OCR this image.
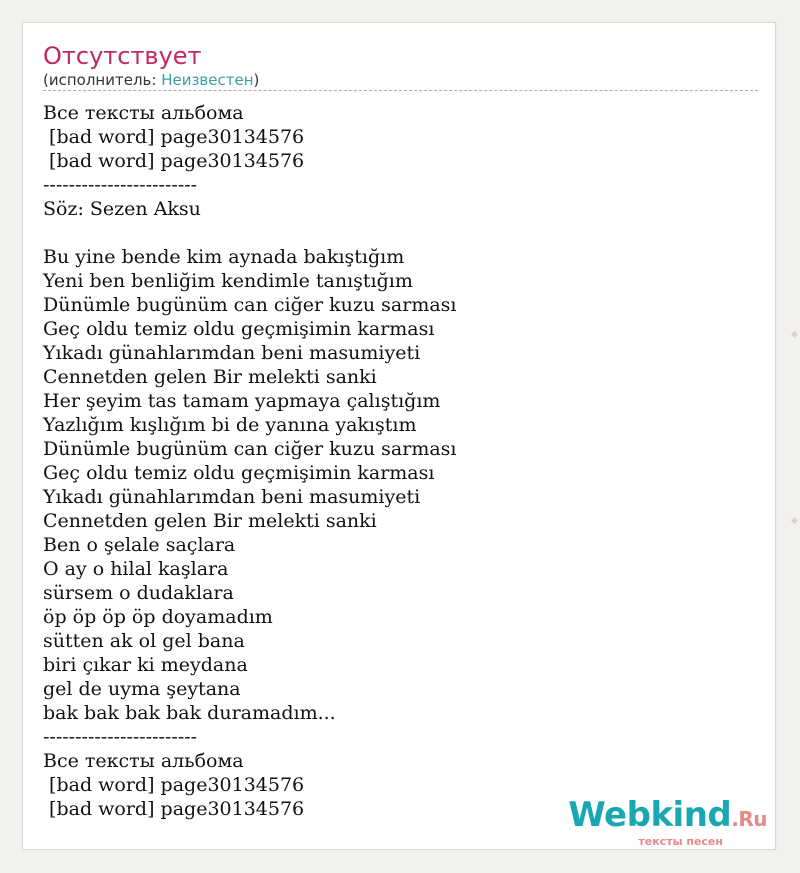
Отсутствует
(исполнитель: Неизвестен)
Все тексты альбома
[bad word] page30134576
[bad word] page30134576
------------------------
Söz: Sezen Aksu
Bu yine bende kim aynada bakıştığım
Yeni ben benliğim kendimle tanıştığım
Dünümle bugünüm can ciğer kuzu sarması
Geç oldu temiz oldu geçmişimin karması
Yıkadı günahlarımdan beni masumiyeti
Cennetden gelen Bir melekti sanki
Her şeyim tas tamam yapmaya çalıştığım
Yazlığım kışlığım bi de yanına yakıştım
Dünümle bugünüm can ciğer kuzu sarması
Geç oldu temiz oldu geçmişimin karması
Yıkadı günahlarımdan beni masumiyeti
Cennetden gelen Bir melekti sanki
Ben o şelale saçlara
O ay o hilal kaşlara
sürsem o dudaklara
öp öp öp öp doyamadım
sütten ak ol gel bana
biri çıkar ki meydana
gel de uyma şeytana
bak bak bak bak duramadım...
------------------------
Все тексты альбома
[bad word] page30134576
[bad word] page30134576	Webkind.Ru
тексты песен
